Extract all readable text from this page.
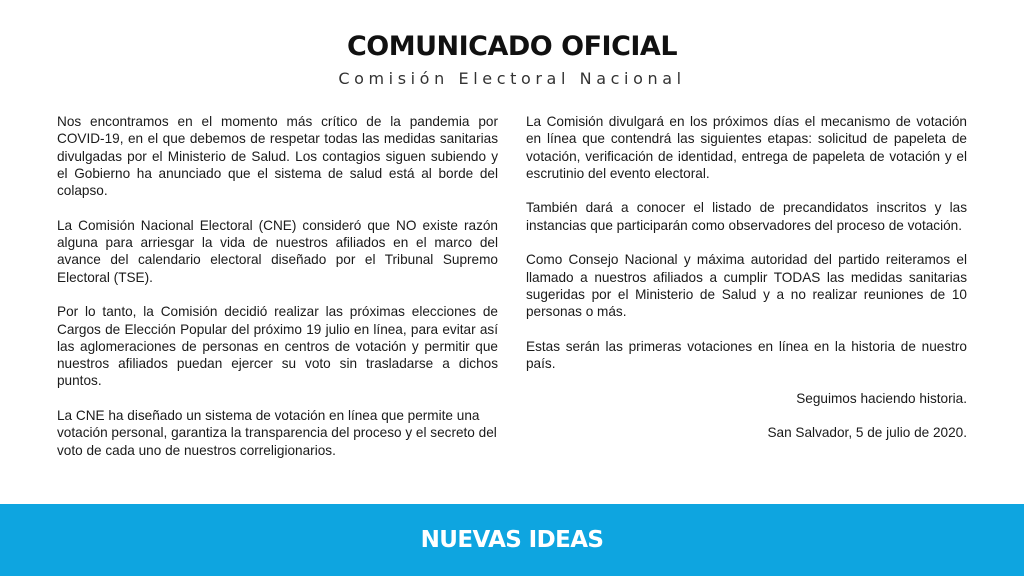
COMUNICADO OFICIAL
Comisión Electoral Nacional

Nos encontramos en el momento más crítico de la pandemia por COVID-19, en el que debemos de respetar todas las medidas sanitarias divulgadas por el Ministerio de Salud. Los contagios siguen subiendo y el Gobierno ha anunciado que el sistema de salud está al borde del colapso.

La Comisión Nacional Electoral (CNE) consideró que NO existe razón alguna para arriesgar la vida de nuestros afiliados en el marco del avance del calendario electoral diseñado por el Tribunal Supremo Electoral (TSE).

Por lo tanto, la Comisión decidió realizar las próximas elecciones de Cargos de Elección Popular del próximo 19 julio en línea, para evitar así las aglomeraciones de personas en centros de votación y permitir que nuestros afiliados puedan ejercer su voto sin trasladarse a dichos puntos.

La CNE ha diseñado un sistema de votación en línea que permite una votación personal, garantiza la transparencia del proceso y el secreto del voto de cada uno de nuestros correligionarios.

La Comisión divulgará en los próximos días el mecanismo de votación en línea que contendrá las siguientes etapas: solicitud de papeleta de votación, verificación de identidad, entrega de papeleta de votación y el escrutinio del evento electoral.

También dará a conocer el listado de precandidatos inscritos y las instancias que participarán como observadores del proceso de votación.

Como Consejo Nacional y máxima autoridad del partido reiteramos el llamado a nuestros afiliados a cumplir TODAS las medidas sanitarias sugeridas por el Ministerio de Salud y a no realizar reuniones de 10 personas o más.

Estas serán las primeras votaciones en línea en la historia de nuestro país.

Seguimos haciendo historia.

San Salvador, 5 de julio de 2020.

NUEVAS IDEAS
